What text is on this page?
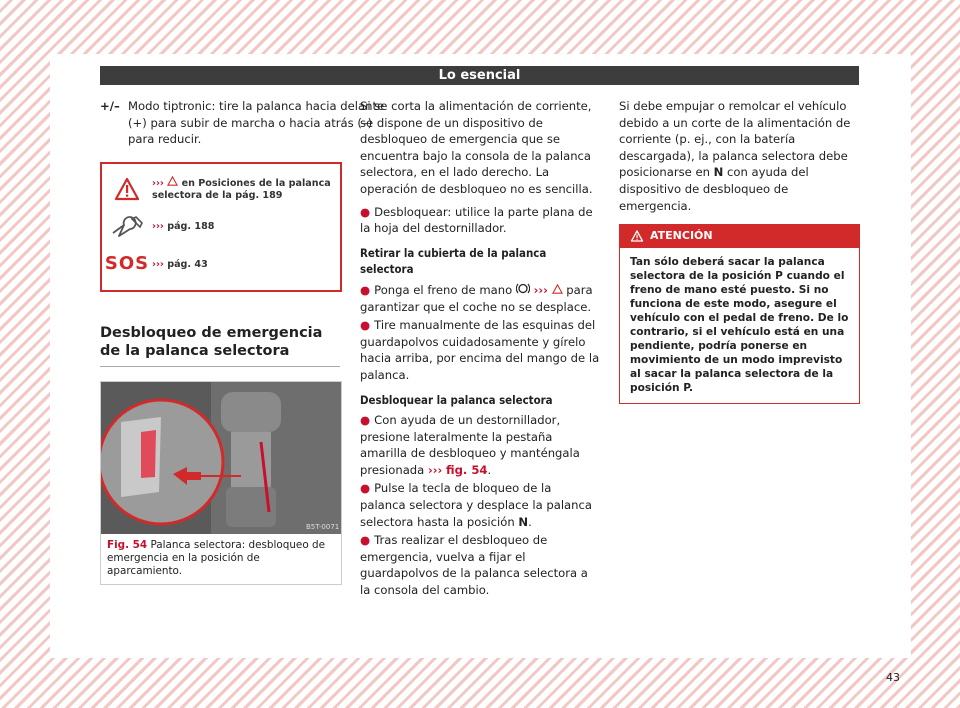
Lo esencial
+/– Modo tiptronic: tire la palanca hacia delante (+) para subir de marcha o hacia atrás (–) para reducir.
››› en Posiciones de la palanca selectora de la pág. 189
››› pág. 188
SOS ››› pág. 43
Desbloqueo de emergencia de la palanca selectora
B5T-0071
Fig. 54 Palanca selectora: desbloqueo de emergencia en la posición de aparcamiento.

Si se corta la alimentación de corriente, se dispone de un dispositivo de desbloqueo de emergencia que se encuentra bajo la consola de la palanca selectora, en el lado derecho. La operación de desbloqueo no es sencilla.

● Desbloquear: utilice la parte plana de la hoja del destornillador.
Retirar la cubierta de la palanca selectora
● Ponga el freno de mano ››› para garantizar que el coche no se desplace.
● Tire manualmente de las esquinas del guardapolvos cuidadosamente y gírelo hacia arriba, por encima del mango de la palanca.
Desbloquear la palanca selectora
● Con ayuda de un destornillador, presione lateralmente la pestaña amarilla de desbloqueo y manténgala presionada ››› fig. 54.
● Pulse la tecla de bloqueo de la palanca selectora y desplace la palanca selectora hasta la posición N.
● Tras realizar el desbloqueo de emergencia, vuelva a fijar el guardapolvos de la palanca selectora a la consola del cambio.

Si debe empujar o remolcar el vehículo debido a un corte de la alimentación de corriente (p. ej., con la batería descargada), la palanca selectora debe posicionarse en N con ayuda del dispositivo de desbloqueo de emergencia.

ATENCIÓN
Tan sólo deberá sacar la palanca selectora de la posición P cuando el freno de mano esté puesto. Si no funciona de este modo, asegure el vehículo con el pedal de freno. De lo contrario, si el vehículo está en una pendiente, podría ponerse en movimiento de un modo imprevisto al sacar la palanca selectora de la posición P.
43
